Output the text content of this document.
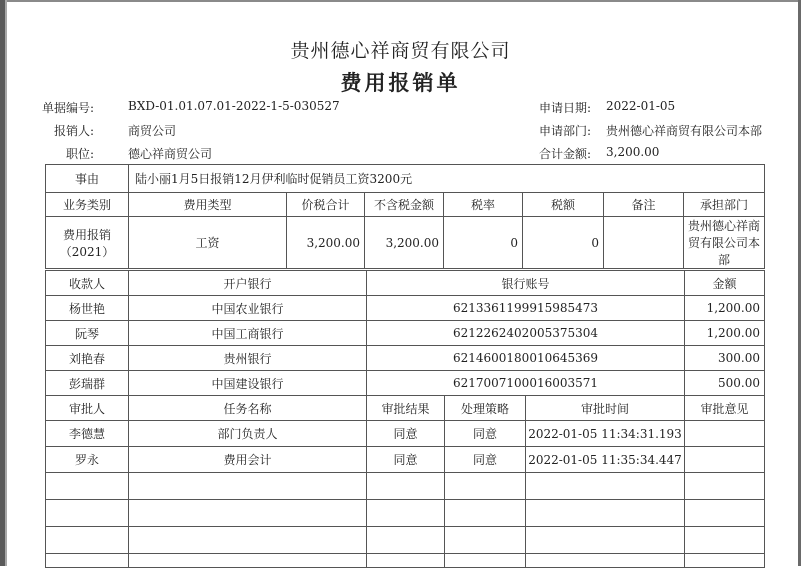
贵州德心祥商贸有限公司
费用报销单
单据编号:	BXD-01.01.07.01-2022-1-5-030527	申请日期: 2022-01-05
报销人:	商贸公司	申请部门: 贵州德心祥商贸有限公司本部
职位:	德心祥商贸公司	合计金额: 3,200.00
事由	陆小丽1月5日报销12月伊利临时促销员工资3200元						
业务类别	费用类型	价税合计	不含税金额	税率	税额	备注	承担部门
费用报销（2021）	工资	3,200.00	3,200.00	0	0		贵州德心祥商贸有限公司本部
收款人	开户银行	银行账号			金额
杨世艳	中国农业银行	6213361199915985473			1,200.00
阮琴	中国工商银行	6212262402005375304			1,200.00
刘艳春	贵州银行	6214600180010645369			300.00
彭瑞群	中国建设银行	6217007100016003571			500.00
审批人	任务名称	审批结果	处理策略	审批时间	审批意见
李德慧	部门负责人	同意	同意	2022-01-05 11:34:31.193	
罗永	费用会计	同意	同意	2022-01-05 11:35:34.447	
